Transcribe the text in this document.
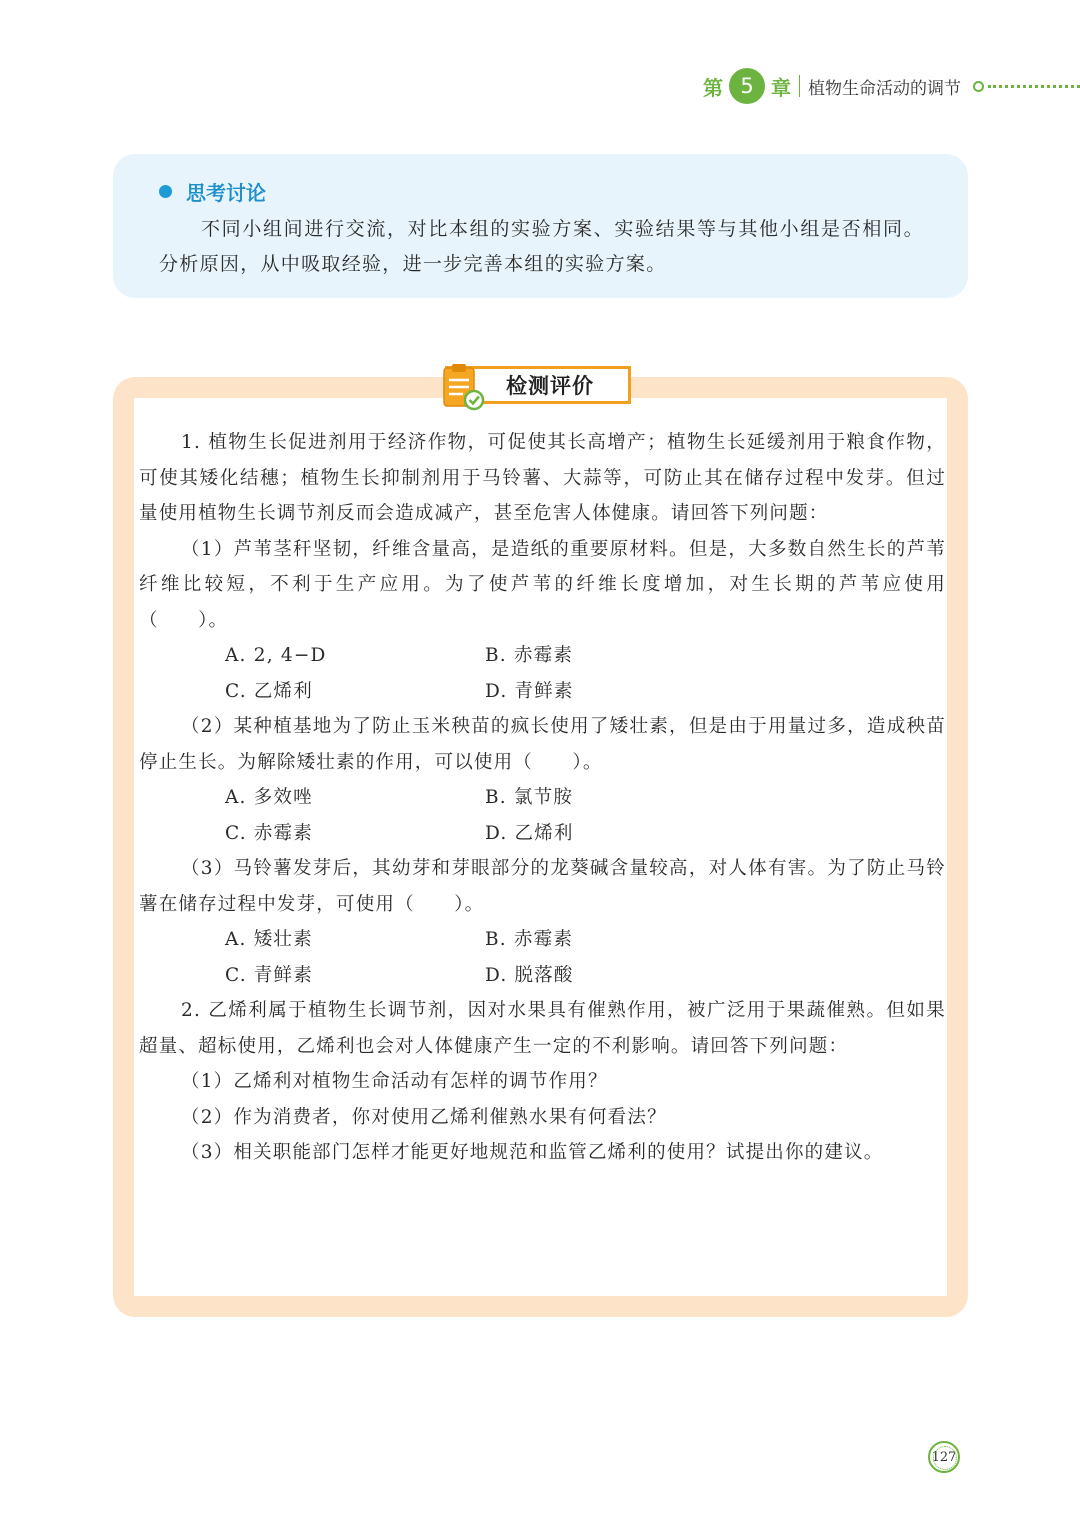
第 5 章 植物生命活动的调节
思考讨论

不同小组间进行交流，对比本组的实验方案、实验结果等与其他小组是否相同。分析原因，从中吸取经验，进一步完善本组的实验方案。

检测评价

1. 植物生长促进剂用于经济作物，可促使其长高增产；植物生长延缓剂用于粮食作物，可使其矮化结穗；植物生长抑制剂用于马铃薯、大蒜等，可防止其在储存过程中发芽。但过量使用植物生长调节剂反而会造成减产，甚至危害人体健康。请回答下列问题：

（1）芦苇茎秆坚韧，纤维含量高，是造纸的重要原材料。但是，大多数自然生长的芦苇纤维比较短，不利于生产应用。为了使芦苇的纤维长度增加，对生长期的芦苇应使用（　　）。

A. 2, 4−D	B. 赤霉素
C. 乙烯利	D. 青鲜素

（2）某种植基地为了防止玉米秧苗的疯长使用了矮壮素，但是由于用量过多，造成秧苗停止生长。为解除矮壮素的作用，可以使用（　　）。

A. 多效唑	B. 氯节胺
C. 赤霉素	D. 乙烯利

（3）马铃薯发芽后，其幼芽和芽眼部分的龙葵碱含量较高，对人体有害。为了防止马铃薯在储存过程中发芽，可使用（　　）。

A. 矮壮素	B. 赤霉素
C. 青鲜素	D. 脱落酸

2. 乙烯利属于植物生长调节剂，因对水果具有催熟作用，被广泛用于果蔬催熟。但如果超量、超标使用，乙烯利也会对人体健康产生一定的不利影响。请回答下列问题：

（1）乙烯利对植物生命活动有怎样的调节作用？

（2）作为消费者，你对使用乙烯利催熟水果有何看法？

（3）相关职能部门怎样才能更好地规范和监管乙烯利的使用？试提出你的建议。

127
